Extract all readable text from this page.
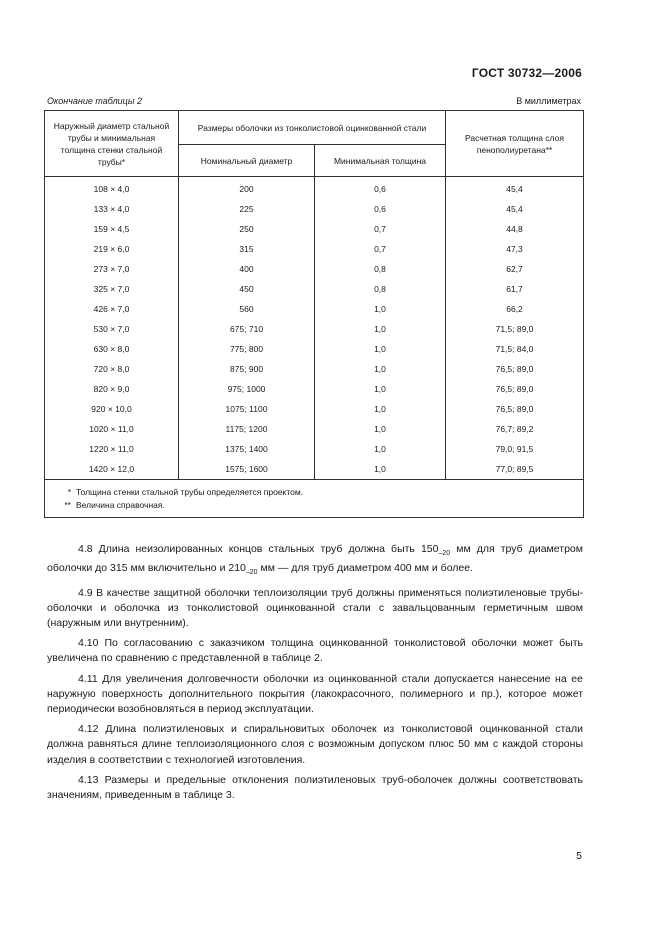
ГОСТ 30732—2006
Окончание таблицы 2	В миллиметрах
Наружный диаметр стальной трубы и минимальная толщина стенки стальной трубы*	Размеры оболочки из тонколистовой оцинкованной стали		Расчетная толщина слоя пенополиуретана**
	Номинальный диаметр	Минимальная толщина	
108 × 4,0	200	0,6	45,4
133 × 4,0	225	0,6	45,4
159 × 4,5	250	0,7	44,8
219 × 6,0	315	0,7	47,3
273 × 7,0	400	0,8	62,7
325 × 7,0	450	0,8	61,7
426 × 7,0	560	1,0	66,2
530 × 7,0	675; 710	1,0	71,5; 89,0
630 × 8,0	775; 800	1,0	71,5; 84,0
720 × 8,0	875; 900	1,0	76,5; 89,0
820 × 9,0	975; 1000	1,0	76,5; 89,0
920 × 10,0	1075; 1100	1,0	76,5; 89,0
1020 × 11,0	1175; 1200	1,0	76,7; 89,2
1220 × 11,0	1375; 1400	1,0	79,0; 91,5
1420 × 12,0	1575; 1600	1,0	77,0; 89,5

* Толщина стенки стальной трубы определяется проектом.
** Величина справочная.			

4.8 Длина неизолированных концов стальных труб должна быть $150_{-20}$ мм для труб диаметром оболочки до 315 мм включительно и $210_{-20}$ мм — для труб диаметром 400 мм и более.

4.9 В качестве защитной оболочки теплоизоляции труб должны применяться полиэтиленовые трубы-оболочки и оболочка из тонколистовой оцинкованной стали с завальцованным герметичным швом (наружным или внутренним).

4.10 По согласованию с заказчиком толщина оцинкованной тонколистовой оболочки может быть увеличена по сравнению с представленной в таблице 2.

4.11 Для увеличения долговечности оболочки из оцинкованной стали допускается нанесение на ее наружную поверхность дополнительного покрытия (лакокрасочного, полимерного и пр.), которое может периодически возобновляться в период эксплуатации.

4.12 Длина полиэтиленовых и спиральновитых оболочек из тонколистовой оцинкованной стали должна равняться длине теплоизоляционного слоя с возможным допуском плюс 50 мм с каждой стороны изделия в соответствии с технологией изготовления.

4.13 Размеры и предельные отклонения полиэтиленовых труб-оболочек должны соответствовать значениям, приведенным в таблице 3.

5
